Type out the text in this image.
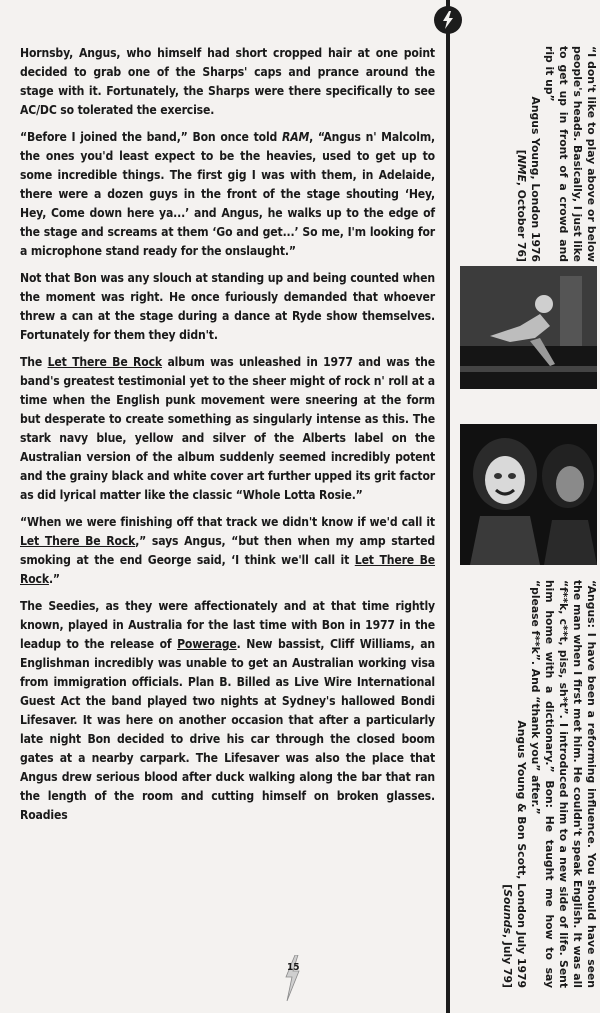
Hornsby, Angus, who himself had short cropped hair at one point decided to grab one of the Sharps' caps and prance around the stage with it. Fortunately, the Sharps were there specifically to see AC/DC so tolerated the exercise.

“Before I joined the band,” Bon once told RAM, “Angus n' Malcolm, the ones you'd least expect to be the heavies, used to get up to some incredible things. The first gig I was with them, in Adelaide, there were a dozen guys in the front of the stage shouting ‘Hey, Hey, Come down here ya...’ and Angus, he walks up to the edge of the stage and screams at them ‘Go and get...’ So me, I'm looking for a microphone stand ready for the onslaught.”

Not that Bon was any slouch at standing up and being counted when the moment was right. He once furiously demanded that whoever threw a can at the stage during a dance at Ryde show themselves. Fortunately for them they didn't.

The Let There Be Rock album was unleashed in 1977 and was the band's greatest testimonial yet to the sheer might of rock n' roll at a time when the English punk movement were sneering at the form but desperate to create something as singularly intense as this. The stark navy blue, yellow and silver of the Alberts label on the Australian version of the album suddenly seemed incredibly potent and the grainy black and white cover art further upped its grit factor as did lyrical matter like the classic “Whole Lotta Rosie.”

“When we were finishing off that track we didn't know if we'd call it Let There Be Rock,” says Angus, “but then when my amp started smoking at the end George said, ‘I think we'll call it Let There Be Rock.”

The Seedies, as they were affectionately and at that time rightly known, played in Australia for the last time with Bon in 1977 in the leadup to the release of Powerage. New bassist, Cliff Williams, an Englishman incredibly was unable to get an Australian working visa from immigration officials. Plan B. Billed as Live Wire International Guest Act the band played two nights at Sydney's hallowed Bondi Lifesaver. It was here on another occasion that after a particularly late night Bon decided to drive his car through the closed boom gates at a nearby carpark. The Lifesaver was also the place that Angus drew serious blood after duck walking along the bar that ran the length of the room and cutting himself on broken glasses. Roadies

“I don't like to play above or below people's heads. Basically, I just like to get up in front of a crowd and rip it up”
Angus Young, London 1976
[NME, October 76]
“Angus: I have been a reforming influence. You should have seen the man when I first met him. He couldn't speak English. It was all “f**k, c**t, piss, sh*t”. I introduced him to a new side of life. Sent him home with a dictionary.” Bon: He taught me how to say “please f**k”. And “thank you” after.”
Angus Young & Bon Scott, London July 1979
[Sounds, July 79]
15
